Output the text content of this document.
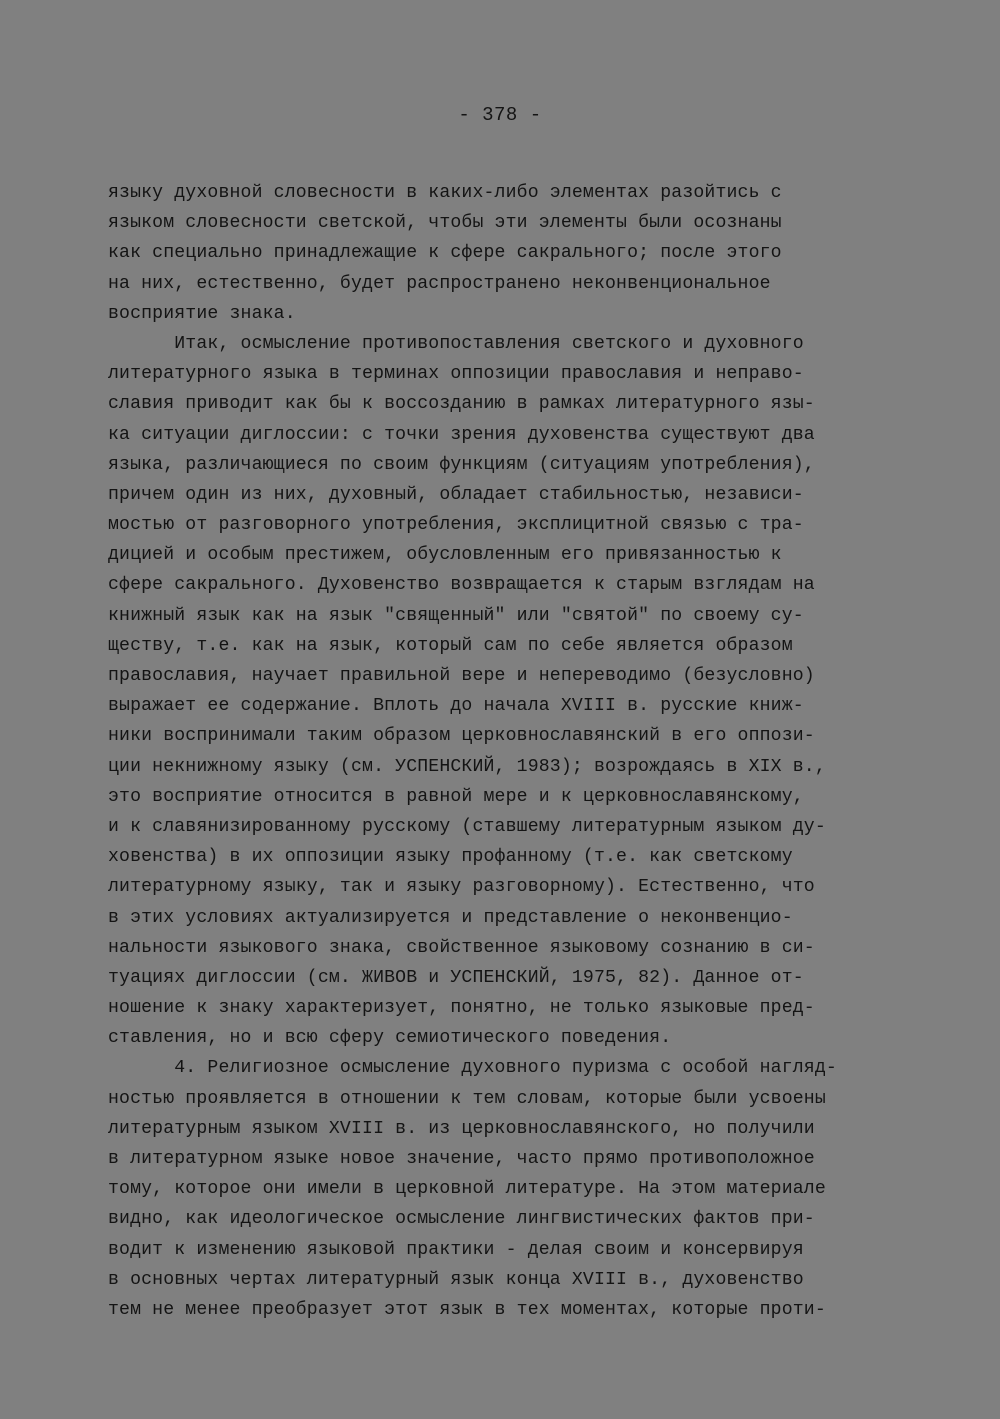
- 378 -
языку духовной словесности в каких-либо элементах разойтись с
языком словесности светской, чтобы эти элементы были осознаны
как специально принадлежащие к сфере сакрального; после этого
на них, естественно, будет распространено неконвенциональное
восприятие знака.
Итак, осмысление противопоставления светского и духовного
литературного языка в терминах оппозиции православия и неправо-
славия приводит как бы к воссозданию в рамках литературного язы-
ка ситуации диглоссии: с точки зрения духовенства существуют два
языка, различающиеся по своим функциям (ситуациям употребления),
причем один из них, духовный, обладает стабильностью, независи-
мостью от разговорного употребления, эксплицитной связью с тра-
дицией и особым престижем, обусловленным его привязанностью к
сфере сакрального. Духовенство возвращается к старым взглядам на
книжный язык как на язык "священный" или "святой" по своему су-
ществу, т.е. как на язык, который сам по себе является образом
православия, научает правильной вере и непереводимо (безусловно)
выражает ее содержание. Вплоть до начала XVIII в. русские книж-
ники воспринимали таким образом церковнославянский в его оппози-
ции некнижному языку (см. УСПЕНСКИЙ, 1983); возрождаясь в XIX в.,
это восприятие относится в равной мере и к церковнославянскому,
и к славянизированному русскому (ставшему литературным языком ду-
ховенства) в их оппозиции языку профанному (т.е. как светскому
литературному языку, так и языку разговорному). Естественно, что
в этих условиях актуализируется и представление о неконвенцио-
нальности языкового знака, свойственное языковому сознанию в си-
туациях диглоссии (см. ЖИВОВ и УСПЕНСКИЙ, 1975, 82). Данное от-
ношение к знаку характеризует, понятно, не только языковые пред-
ставления, но и всю сферу семиотического поведения.
4. Религиозное осмысление духовного пуризма с особой нагляд-
ностью проявляется в отношении к тем словам, которые были усвоены
литературным языком XVIII в. из церковнославянского, но получили
в литературном языке новое значение, часто прямо противоположное
тому, которое они имели в церковной литературе. На этом материале
видно, как идеологическое осмысление лингвистических фактов при-
водит к изменению языковой практики - делая своим и консервируя
в основных чертах литературный язык конца XVIII в., духовенство
тем не менее преобразует этот язык в тех моментах, которые проти-
